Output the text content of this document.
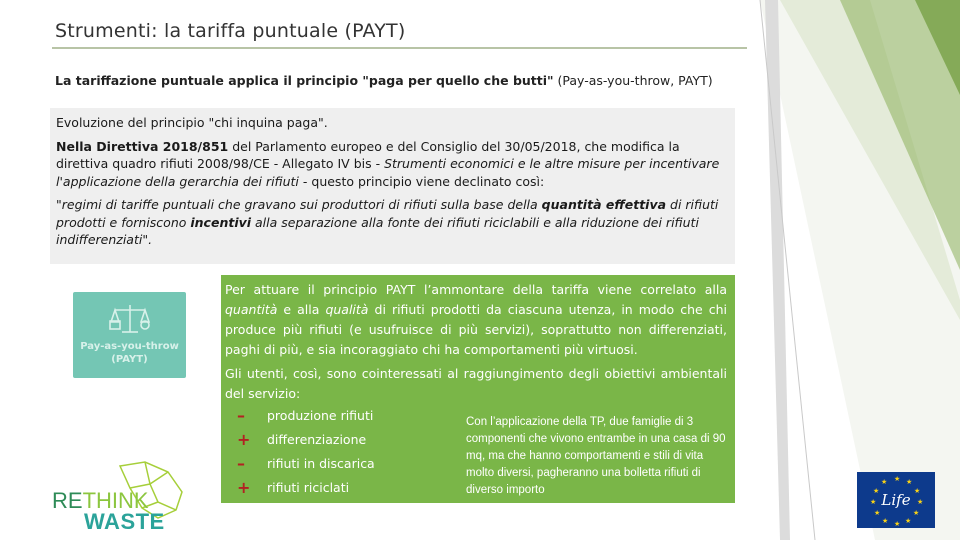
Strumenti: la tariffa puntuale (PAYT)
La tariffazione puntuale applica il principio "paga per quello che butti" (Pay-as-you-throw, PAYT)

Evoluzione del principio "chi inquina paga".

Nella Direttiva 2018/851 del Parlamento europeo e del Consiglio del 30/05/2018, che modifica la direttiva quadro rifiuti 2008/98/CE - Allegato IV bis - Strumenti economici e le altre misure per incentivare l'applicazione della gerarchia dei rifiuti - questo principio viene declinato così:

"regimi di tariffe puntuali che gravano sui produttori di rifiuti sulla base della quantità effettiva di rifiuti prodotti e forniscono incentivi alla separazione alla fonte dei rifiuti riciclabili e alla riduzione dei rifiuti indifferenziati".

Pay-as-you-throw
(PAYT)
Per attuare il principio PAYT l’ammontare della tariffa viene correlato alla quantità e alla qualità di rifiuti prodotti da ciascuna utenza, in modo che chi produce più rifiuti (e usufruisce di più servizi), soprattutto non differenziati, paghi di più, e sia incoraggiato chi ha comportamenti più virtuosi.
Gli utenti, così, sono cointeressati al raggiungimento degli obiettivi ambientali del servizio:
–	produzione rifiuti
+	differenziazione
–	rifiuti in discarica
+	rifiuti riciclati
Con l’applicazione della TP, due famiglie di 3 componenti che vivono entrambe in una casa di 90 mq, ma che hanno comportamenti e stili di vita molto diversi, pagheranno una bolletta rifiuti di diverso importo
RETHINK
WASTE
★ ★
★
★
★
★
★
★
★
★
★
★
Life
